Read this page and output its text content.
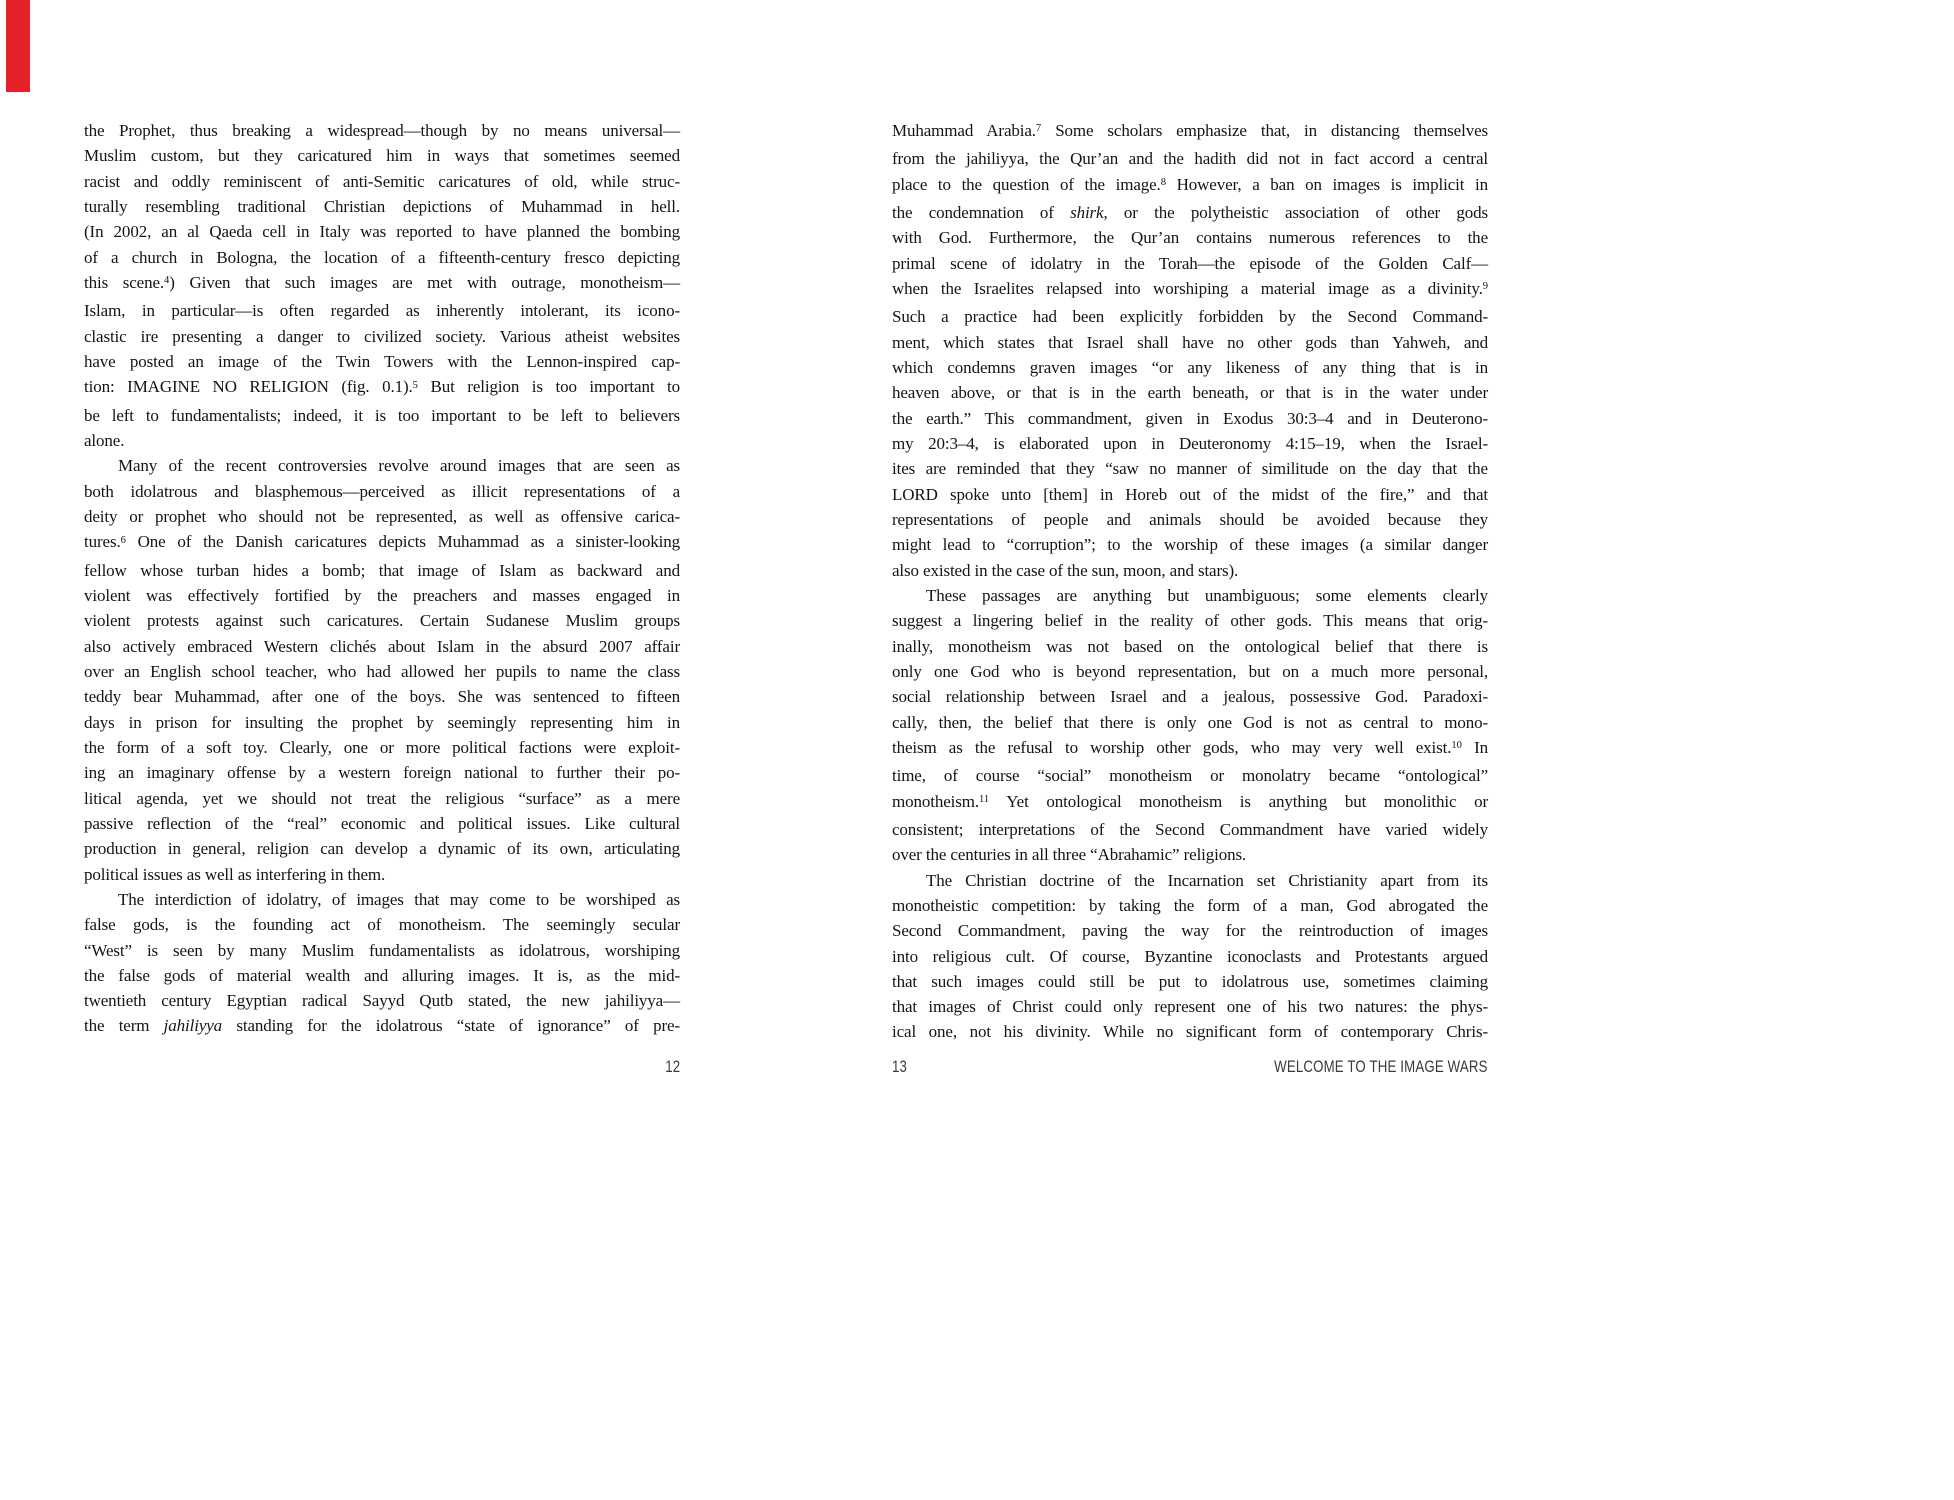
the Prophet, thus breaking a widespread—though by no means universal—
Muslim custom, but they caricatured him in ways that sometimes seemed
racist and oddly reminiscent of anti-Semitic caricatures of old, while struc-
turally resembling traditional Christian depictions of Muhammad in hell.
(In 2002, an al Qaeda cell in Italy was reported to have planned the bombing
of a church in Bologna, the location of a fifteenth-century fresco depicting
this scene.$^4$) Given that such images are met with outrage, monotheism—
Islam, in particular—is often regarded as inherently intolerant, its icono-
clastic ire presenting a danger to civilized society. Various atheist websites
have posted an image of the Twin Towers with the Lennon-inspired cap-
tion: IMAGINE NO RELIGION (fig. 0.1).$^5$ But religion is too important to
be left to fundamentalists; indeed, it is too important to be left to believers
alone.
Many of the recent controversies revolve around images that are seen as
both idolatrous and blasphemous—perceived as illicit representations of a
deity or prophet who should not be represented, as well as offensive carica-
tures.$^6$ One of the Danish caricatures depicts Muhammad as a sinister-looking
fellow whose turban hides a bomb; that image of Islam as backward and
violent was effectively fortified by the preachers and masses engaged in
violent protests against such caricatures. Certain Sudanese Muslim groups
also actively embraced Western clichés about Islam in the absurd 2007 affair
over an English school teacher, who had allowed her pupils to name the class
teddy bear Muhammad, after one of the boys. She was sentenced to fifteen
days in prison for insulting the prophet by seemingly representing him in
the form of a soft toy. Clearly, one or more political factions were exploit-
ing an imaginary offense by a western foreign national to further their po-
litical agenda, yet we should not treat the religious “surface” as a mere
passive reflection of the “real” economic and political issues. Like cultural
production in general, religion can develop a dynamic of its own, articulating
political issues as well as interfering in them.
The interdiction of idolatry, of images that may come to be worshiped as
false gods, is the founding act of monotheism. The seemingly secular
“West” is seen by many Muslim fundamentalists as idolatrous, worshiping
the false gods of material wealth and alluring images. It is, as the mid-
twentieth century Egyptian radical Sayyd Qutb stated, the new jahiliyya—
the term jahiliyya standing for the idolatrous “state of ignorance” of pre-
Muhammad Arabia.$^7$ Some scholars emphasize that, in distancing themselves
from the jahiliyya, the Qur’an and the hadith did not in fact accord a central
place to the question of the image.$^8$ However, a ban on images is implicit in
the condemnation of shirk, or the polytheistic association of other gods
with God. Furthermore, the Qur’an contains numerous references to the
primal scene of idolatry in the Torah—the episode of the Golden Calf—
when the Israelites relapsed into worshiping a material image as a divinity.$^9$
Such a practice had been explicitly forbidden by the Second Command-
ment, which states that Israel shall have no other gods than Yahweh, and
which condemns graven images “or any likeness of any thing that is in
heaven above, or that is in the earth beneath, or that is in the water under
the earth.” This commandment, given in Exodus 30:3–4 and in Deuterono-
my 20:3–4, is elaborated upon in Deuteronomy 4:15–19, when the Israel-
ites are reminded that they “saw no manner of similitude on the day that the
LORD spoke unto [them] in Horeb out of the midst of the fire,” and that
representations of people and animals should be avoided because they
might lead to “corruption”; to the worship of these images (a similar danger
also existed in the case of the sun, moon, and stars).
These passages are anything but unambiguous; some elements clearly
suggest a lingering belief in the reality of other gods. This means that orig-
inally, monotheism was not based on the ontological belief that there is
only one God who is beyond representation, but on a much more personal,
social relationship between Israel and a jealous, possessive God. Paradoxi-
cally, then, the belief that there is only one God is not as central to mono-
theism as the refusal to worship other gods, who may very well exist.$^{10}$ In
time, of course “social” monotheism or monolatry became “ontological”
monotheism.$^{11}$ Yet ontological monotheism is anything but monolithic or
consistent; interpretations of the Second Commandment have varied widely
over the centuries in all three “Abrahamic” religions.
The Christian doctrine of the Incarnation set Christianity apart from its
monotheistic competition: by taking the form of a man, God abrogated the
Second Commandment, paving the way for the reintroduction of images
into religious cult. Of course, Byzantine iconoclasts and Protestants argued
that such images could still be put to idolatrous use, sometimes claiming
that images of Christ could only represent one of his two natures: the phys-
ical one, not his divinity. While no significant form of contemporary Chris-
12	13	WELCOME TO THE IMAGE WARS
